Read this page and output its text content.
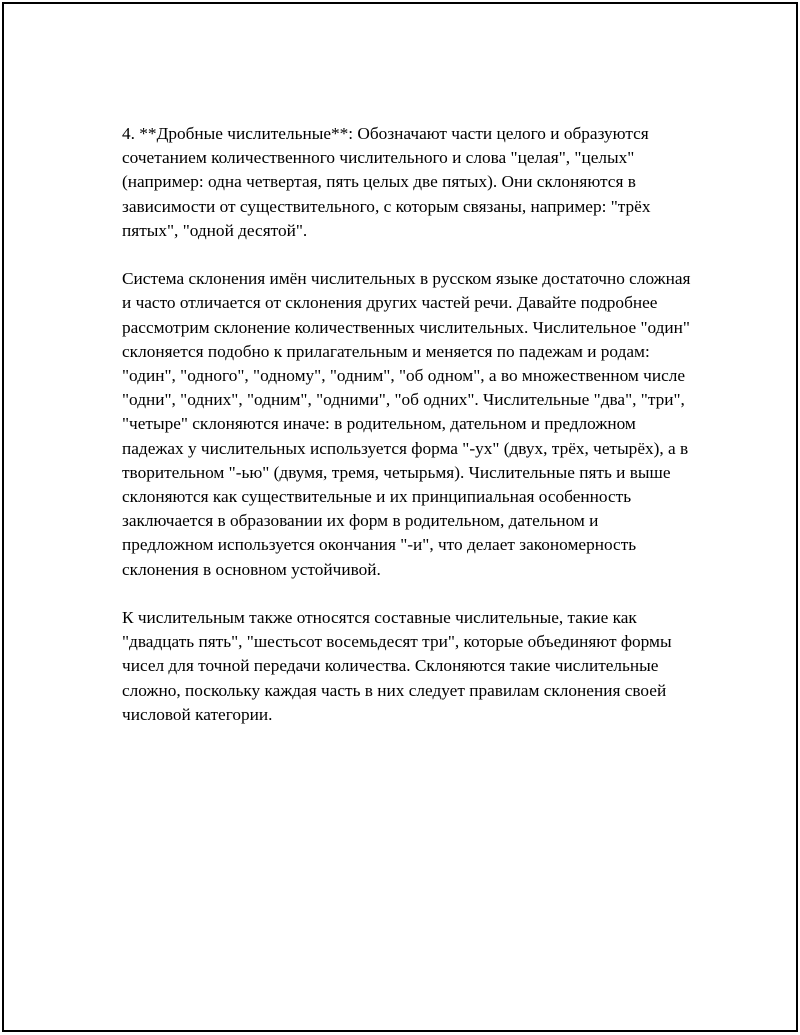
4. **Дробные числительные**: Обозначают части целого и образуются сочетанием количественного числительного и слова "целая", "целых" (например: одна четвертая, пять целых две пятых). Они склоняются в зависимости от существительного, с которым связаны, например: "трёх пятых", "одной десятой".

Система склонения имён числительных в русском языке достаточно сложная и часто отличается от склонения других частей речи. Давайте подробнее рассмотрим склонение количественных числительных. Числительное "один" склоняется подобно к прилагательным и меняется по падежам и родам: "один", "одного", "одному", "одним", "об одном", а во множественном числе "одни", "одних", "одним", "одними", "об одних". Числительные "два", "три", "четыре" склоняются иначе: в родительном, дательном и предложном падежах у числительных используется форма "-ух" (двух, трёх, четырёх), а в творительном "-ью" (двумя, тремя, четырьмя). Числительные пять и выше склоняются как существительные и их принципиальная особенность заключается в образовании их форм в родительном, дательном и предложном используется окончания "-и", что делает закономерность склонения в основном устойчивой.

К числительным также относятся составные числительные, такие как "двадцать пять", "шестьсот восемьдесят три", которые объединяют формы чисел для точной передачи количества. Склоняются такие числительные сложно, поскольку каждая часть в них следует правилам склонения своей числовой категории.
